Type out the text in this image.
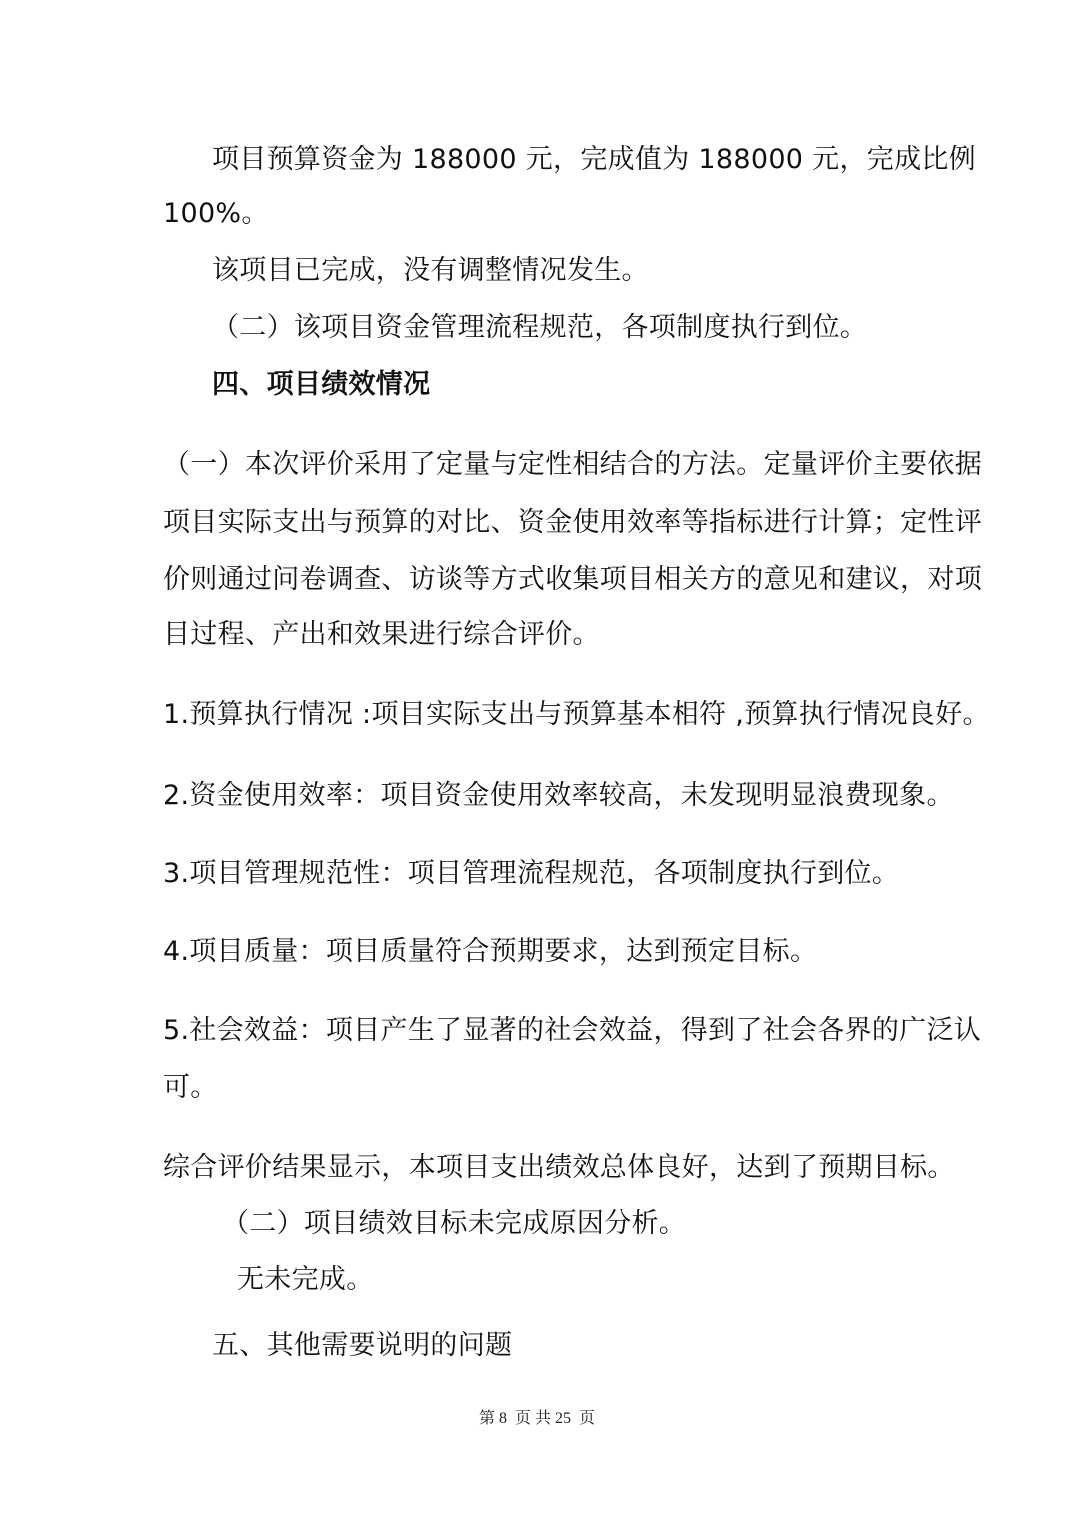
项目预算资金为 188000 元，完成值为 188000 元，完成比例
100%。
该项目已完成，没有调整情况发生。
（二）该项目资金管理流程规范，各项制度执行到位。
四、项目绩效情况
（一）本次评价采用了定量与定性相结合的方法。定量评价主要依据
项目实际支出与预算的对比、资金使用效率等指标进行计算；定性评
价则通过问卷调查、访谈等方式收集项目相关方的意见和建议，对项
目过程、产出和效果进行综合评价。
1.预算执行情况 :项目实际支出与预算基本相符 ,预算执行情况良好。
2.资金使用效率：项目资金使用效率较高，未发现明显浪费现象。
3.项目管理规范性：项目管理流程规范，各项制度执行到位。
4.项目质量：项目质量符合预期要求，达到预定目标。
5.社会效益：项目产生了显著的社会效益，得到了社会各界的广泛认
可。
综合评价结果显示，本项目支出绩效总体良好，达到了预期目标。
（二）项目绩效目标未完成原因分析。
无未完成。
五、其他需要说明的问题
第 8  页 共 25  页
